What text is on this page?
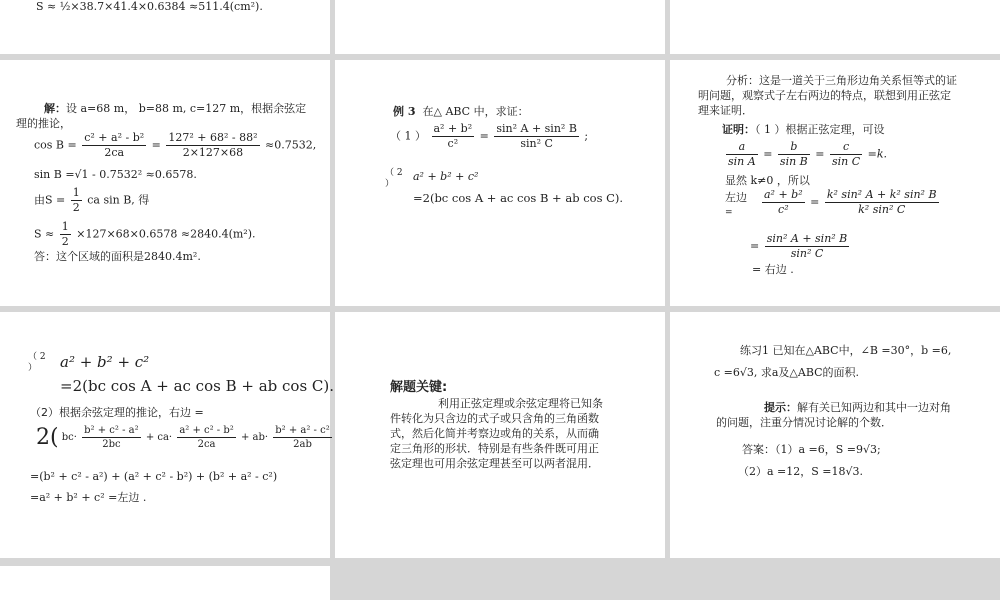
S ≈ ½×38.7×41.4×0.6384 ≈511.4(cm²).
解：设 a=68 m， b=88 m, c=127 m，根据余弦定理的推论，
$\cos B = \frac{\text{c² + a² - b²}}{2ca} = \frac{\text{127² + 68² - 88²}}{2\times 127\times 68} \approx 0.7532$,
sin B =√1 - 0.7532² ≈0.6578.
由$S = \frac{1}{2}$ ca sin B, 得
$S \approx \frac{1}{2} \times 127\times 68\times 0.6578 \approx 2840.4(m^2)$.
答：这个区域的面积是2840.4m².
例 3 在△ ABC 中，求证：
（ 1 ） $\frac{\text{a² + b²}}{\text{c²}} = \frac{\text{sin² A + sin² B}}{\text{sin² C}}$ ;
（ 2 ）
a² + b² + c²
=2(bc cos A + ac cos B + ab cos C).
分析：这是一道关于三角形边角关系恒等式的证明问题，观察式子左右两边的特点，联想到用正弦定理来证明．
证明：（ 1 ）根据正弦定理，可设
$\frac{a}{\text{sin A}} = \frac{b}{\text{sin B}} = \frac{c}{\text{sin C}} =k$.
显然 k≠0 ，所以
左边
=	$\frac{\text{a² + b²}}{\text{c²}} = \frac{\text{k² sin² A + k² sin² B}}{\text{k² sin² C}}$
= $\frac{\text{sin² A + sin² B}}{\text{sin² C}}$
= 右边 .
（ 2 ）	a² + b² + c²
=2(bc cos A + ac cos B + ab cos C).
（2）根据余弦定理的推论，右边 =
2( $bc\cdot \frac{\text{b² + c² - a²}}{2bc} + ca\cdot \frac{\text{a² + c² - b²}}{2ca} + ab\cdot \frac{\text{b² + a² - c²}}{2ab}$
=(b² + c² - a²) + (a² + c² - b²) + (b² + a² - c²)
=a² + b² + c² =左边 .
解题关键:
利用正弦定理或余弦定理将已知条件转化为只含边的式子或只含角的三角函数式，然后化简并考察边或角的关系，从而确定三角形的形状．特别是有些条件既可用正弦定理也可用余弦定理甚至可以两者混用．
练习1 已知在△ABC中，∠B =30°，b =6,
c =6√3, 求a及△ABC的面积.
提示：解有关已知两边和其中一边对角的问题，注重分情况讨论解的个数．
答案：（1）a =6，S =9√3;
（2）a =12，S =18√3.
